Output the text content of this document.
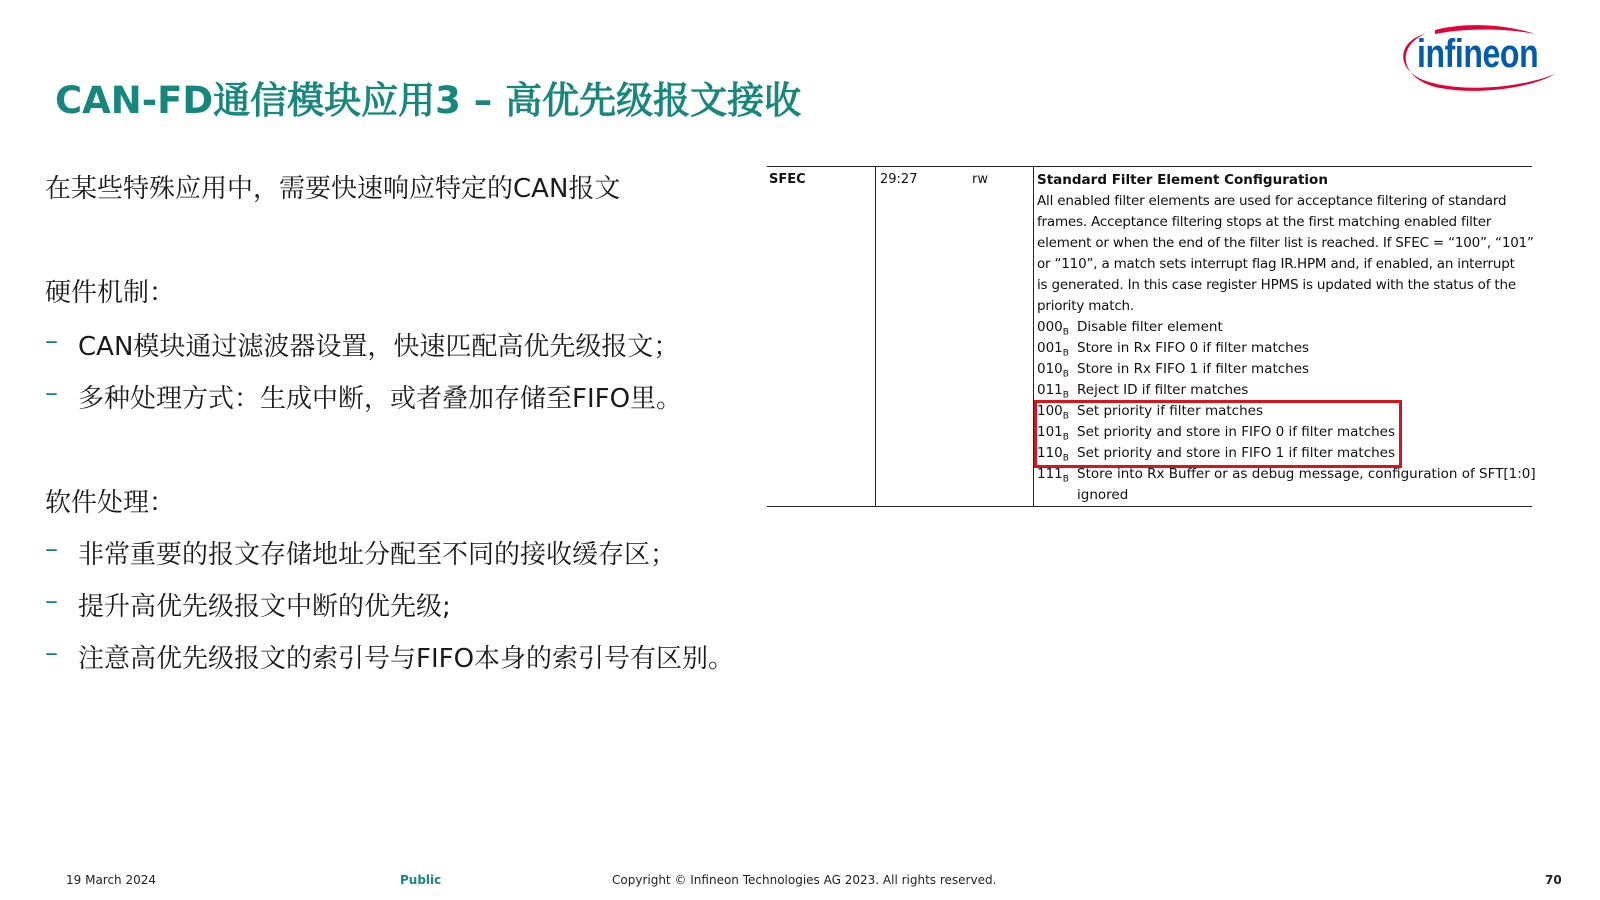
CAN-FD通信模块应用3 – 高优先级报文接收
infineon
在某些特殊应用中，需要快速响应特定的CAN报文
硬件机制：
– CAN模块通过滤波器设置，快速匹配高优先级报文；
– 多种处理方式：生成中断，或者叠加存储至FIFO里。
软件处理：
– 非常重要的报文存储地址分配至不同的接收缓存区；
– 提升高优先级报文中断的优先级;
– 注意高优先级报文的索引号与FIFO本身的索引号有区别。
SFEC	29:27	rw	Standard Filter Element Configuration
All enabled filter elements are used for acceptance filtering of standard
frames. Acceptance filtering stops at the first matching enabled filter
element or when the end of the filter list is reached. If SFEC = “100”, “101”
or “110”, a match sets interrupt flag IR.HPM and, if enabled, an interrupt
is generated. In this case register HPMS is updated with the status of the
priority match.
$000_B$ Disable filter element
$001_B$ Store in Rx FIFO 0 if filter matches
$010_B$ Store in Rx FIFO 1 if filter matches
$011_B$ Reject ID if filter matches
$100_B$ Set priority if filter matches
$101_B$ Set priority and store in FIFO 0 if filter matches
$110_B$ Set priority and store in FIFO 1 if filter matches
$111_B$ Store into Rx Buffer or as debug message, configuration of SFT[1:0]
ignored
19 March 2024	Public	Copyright © Infineon Technologies AG 2023. All rights reserved.	70
